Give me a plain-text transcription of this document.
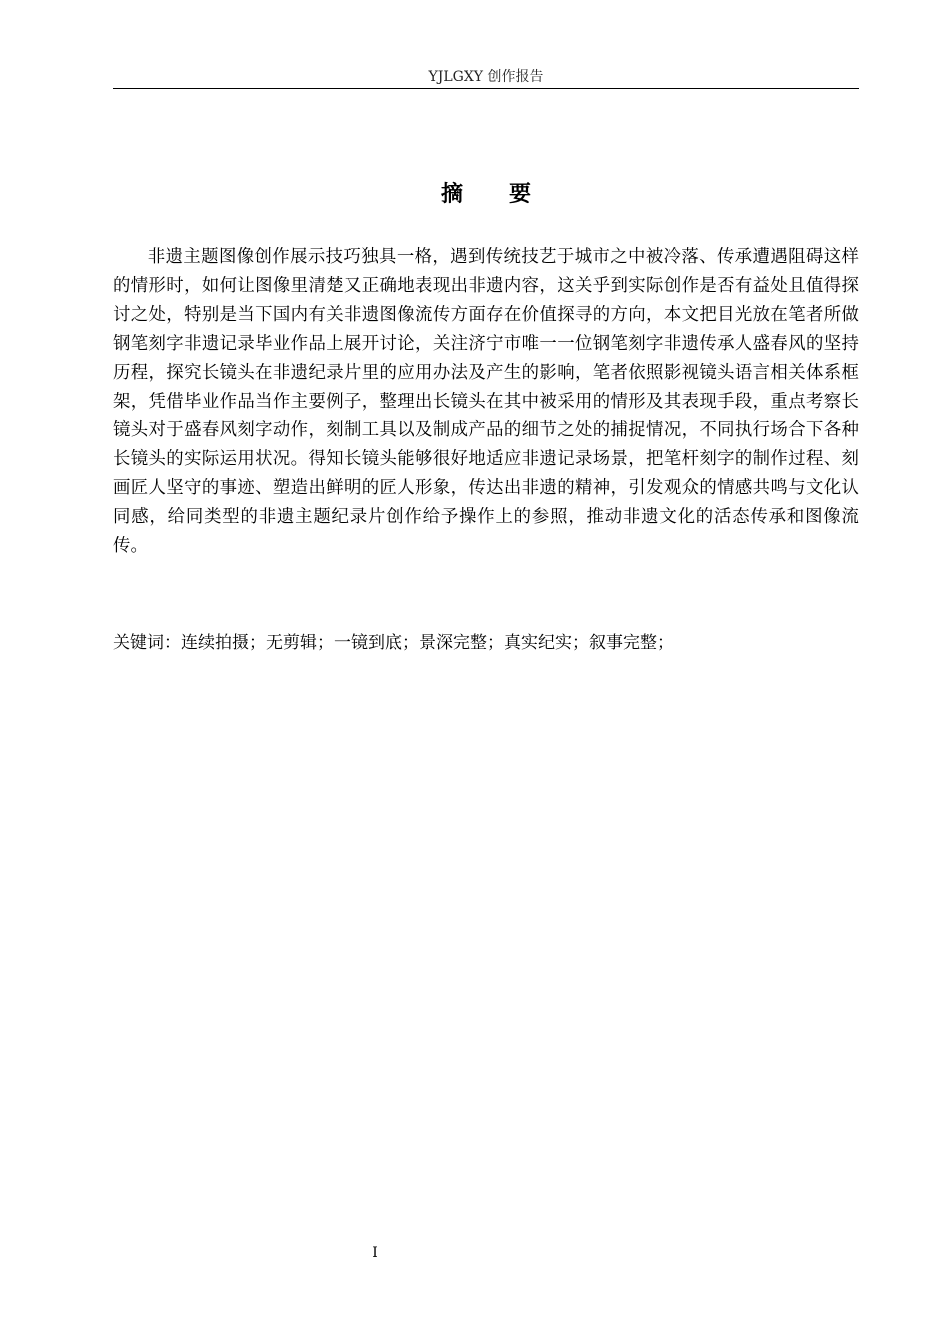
YJLGXY 创作报告
摘 要

非遗主题图像创作展示技巧独具一格，遇到传统技艺于城市之中被冷落、传承遭遇阻碍这样的情形时，如何让图像里清楚又正确地表现出非遗内容，这关乎到实际创作是否有益处且值得探讨之处，特别是当下国内有关非遗图像流传方面存在价值探寻的方向，本文把目光放在笔者所做钢笔刻字非遗记录毕业作品上展开讨论，关注济宁市唯一一位钢笔刻字非遗传承人盛春风的坚持历程，探究长镜头在非遗纪录片里的应用办法及产生的影响，笔者依照影视镜头语言相关体系框架，凭借毕业作品当作主要例子，整理出长镜头在其中被采用的情形及其表现手段，重点考察长镜头对于盛春风刻字动作，刻制工具以及制成产品的细节之处的捕捉情况，不同执行场合下各种长镜头的实际运用状况。得知长镜头能够很好地适应非遗记录场景，把笔杆刻字的制作过程、刻画匠人坚守的事迹、塑造出鲜明的匠人形象，传达出非遗的精神，引发观众的情感共鸣与文化认同感，给同类型的非遗主题纪录片创作给予操作上的参照，推动非遗文化的活态传承和图像流传。

关键词：连续拍摄；无剪辑；一镜到底；景深完整；真实纪实；叙事完整；

I
